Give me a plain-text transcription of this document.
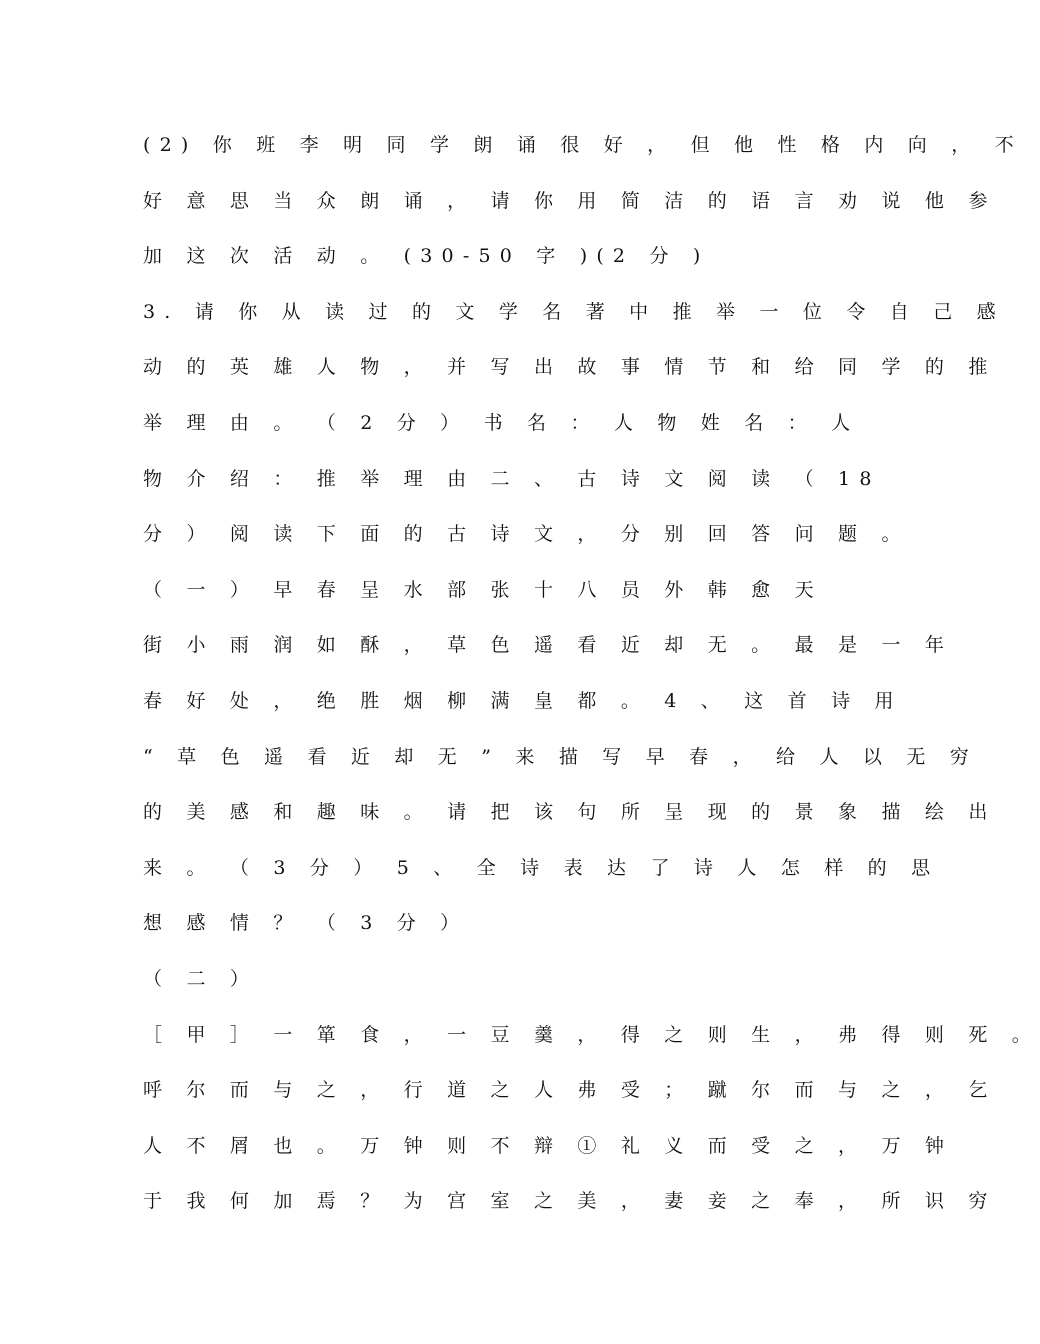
(2) 你 班 李 明 同 学 朗 诵 很 好 ， 但 他 性 格 内 向 ， 不
好 意 思 当 众 朗 诵 ， 请 你 用 简 洁 的 语 言 劝 说 他 参
加 这 次 活 动 。 (30-50 字 )(2 分 )
3. 请 你 从 读 过 的 文 学 名 著 中 推 举 一 位 令 自 己 感
动 的 英 雄 人 物 ， 并 写 出 故 事 情 节 和 给 同 学 的 推
举 理 由 。 （ 2 分 ） 书 名 ： 人 物 姓 名 ： 人
物 介 绍 ： 推 举 理 由 二 、 古 诗 文 阅 读 （ 18
分 ） 阅 读 下 面 的 古 诗 文 ， 分 别 回 答 问 题 。
（ 一 ） 早 春 呈 水 部 张 十 八 员 外 韩 愈 天
街 小 雨 润 如 酥 ， 草 色 遥 看 近 却 无 。 最 是 一 年
春 好 处 ， 绝 胜 烟 柳 满 皇 都 。 4 、 这 首 诗 用
“ 草 色 遥 看 近 却 无 ” 来 描 写 早 春 ， 给 人 以 无 穷
的 美 感 和 趣 味 。 请 把 该 句 所 呈 现 的 景 象 描 绘 出
来 。 （ 3 分 ） 5 、 全 诗 表 达 了 诗 人 怎 样 的 思
想 感 情 ？ （ 3 分 ）
（ 二 ）
［ 甲 ］ 一 箪 食 ， 一 豆 羹 ， 得 之 则 生 ， 弗 得 则 死 。
呼 尔 而 与 之 ， 行 道 之 人 弗 受 ； 蹴 尔 而 与 之 ， 乞
人 不 屑 也 。 万 钟 则 不 辩 ① 礼 义 而 受 之 ， 万 钟
于 我 何 加 焉 ？ 为 宫 室 之 美 ， 妻 妾 之 奉 ， 所 识 穷
